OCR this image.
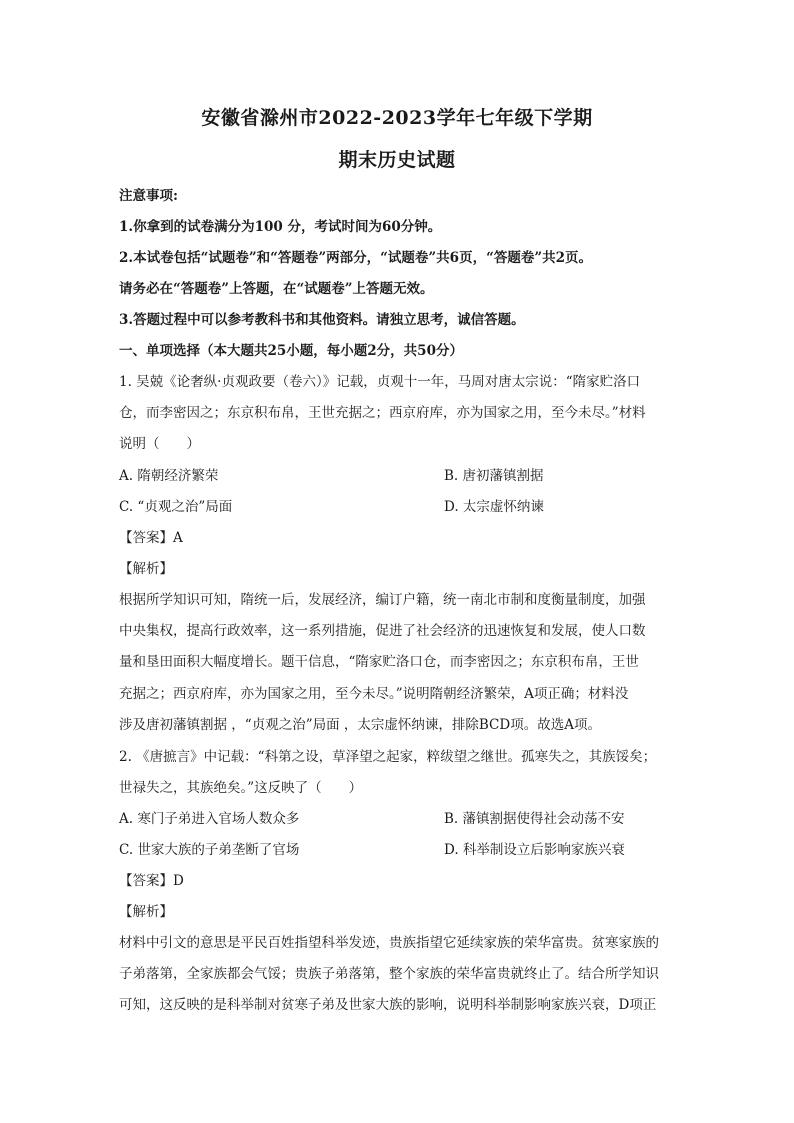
安徽省滁州市2022-2023学年七年级下学期
期末历史试题
注意事项:
1.你拿到的试卷满分为100 分，考试时间为60分钟。
2.本试卷包括“试题卷”和“答题卷”两部分，“试题卷”共6页，“答题卷”共2页。
请务必在“答题卷”上答题，在“试题卷”上答题无效。
3.答题过程中可以参考教科书和其他资料。请独立思考，诚信答题。
一、单项选择（本大题共25小题，每小题2分，共50分）
1. 吴兢《论奢纵·贞观政要（卷六）》记载，贞观十一年，马周对唐太宗说：“隋家贮洛口
仓，而李密因之；东京积布帛，王世充据之；西京府库，亦为国家之用，至今未尽。”材料
说明（　　）
A. 隋朝经济繁荣	B. 唐初藩镇割据
C. “贞观之治”局面	D. 太宗虚怀纳谏
【答案】A
【解析】
根据所学知识可知，隋统一后，发展经济，编订户籍，统一南北市制和度衡量制度，加强
中央集权，提高行政效率，这一系列措施，促进了社会经济的迅速恢复和发展，使人口数
量和垦田面积大幅度增长。题干信息，“隋家贮洛口仓，而李密因之；东京积布帛，王世
充据之；西京府库，亦为国家之用，至今未尽。”说明隋朝经济繁荣，A项正确；材料没
涉及唐初藩镇割据 ，“贞观之治”局面 ，太宗虚怀纳谏，排除BCD项。故选A项。
2. 《唐摭言》中记载：“科第之设，草泽望之起家，粹绂望之继世。孤寒失之，其族馁矣；
世禄失之，其族绝矣。”这反映了（　　）
A. 寒门子弟进入官场人数众多	B. 藩镇割据使得社会动荡不安
C. 世家大族的子弟垄断了官场	D. 科举制设立后影响家族兴衰
【答案】D
【解析】
材料中引文的意思是平民百姓指望科举发迹，贵族指望它延续家族的荣华富贵。贫寒家族的
子弟落第，全家族都会气馁；贵族子弟落第，整个家族的荣华富贵就终止了。结合所学知识
可知，这反映的是科举制对贫寒子弟及世家大族的影响，说明科举制影响家族兴衰，D项正
